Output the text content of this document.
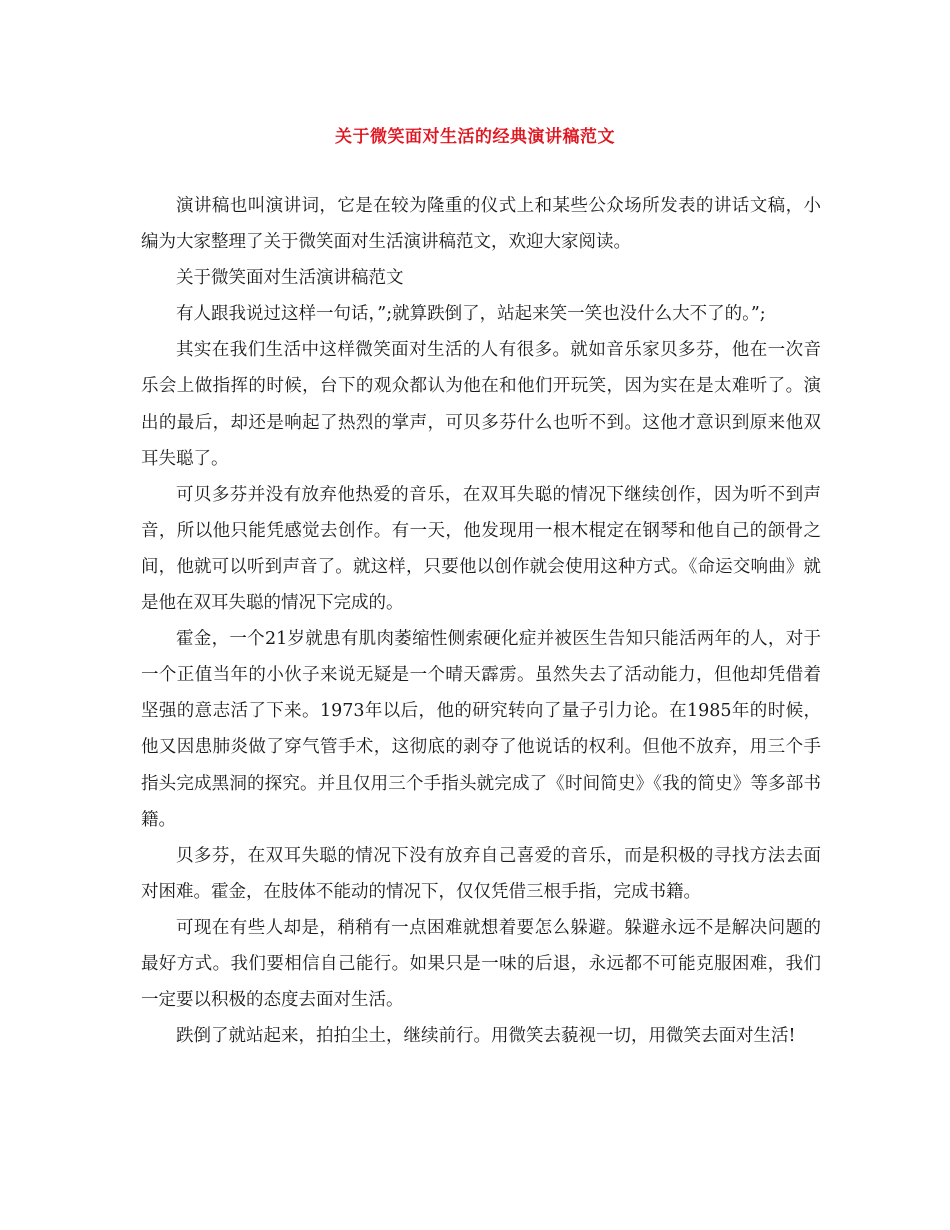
关于微笑面对生活的经典演讲稿范文

演讲稿也叫演讲词，它是在较为隆重的仪式上和某些公众场所发表的讲话文稿，小编为大家整理了关于微笑面对生活演讲稿范文，欢迎大家阅读。

关于微笑面对生活演讲稿范文

有人跟我说过这样一句话，”;就算跌倒了，站起来笑一笑也没什么大不了的。”;

其实在我们生活中这样微笑面对生活的人有很多。就如音乐家贝多芬，他在一次音乐会上做指挥的时候，台下的观众都认为他在和他们开玩笑，因为实在是太难听了。演出的最后，却还是响起了热烈的掌声，可贝多芬什么也听不到。这他才意识到原来他双耳失聪了。

可贝多芬并没有放弃他热爱的音乐，在双耳失聪的情况下继续创作，因为听不到声音，所以他只能凭感觉去创作。有一天，他发现用一根木棍定在钢琴和他自己的颌骨之间，他就可以听到声音了。就这样，只要他以创作就会使用这种方式。《命运交响曲》就是他在双耳失聪的情况下完成的。

霍金，一个21岁就患有肌肉萎缩性侧索硬化症并被医生告知只能活两年的人，对于一个正值当年的小伙子来说无疑是一个晴天霹雳。虽然失去了活动能力，但他却凭借着坚强的意志活了下来。1973年以后，他的研究转向了量子引力论。在1985年的时候，他又因患肺炎做了穿气管手术，这彻底的剥夺了他说话的权利。但他不放弃，用三个手指头完成黑洞的探究。并且仅用三个手指头就完成了《时间简史》《我的简史》等多部书籍。

贝多芬，在双耳失聪的情况下没有放弃自己喜爱的音乐，而是积极的寻找方法去面对困难。霍金，在肢体不能动的情况下，仅仅凭借三根手指，完成书籍。

可现在有些人却是，稍稍有一点困难就想着要怎么躲避。躲避永远不是解决问题的最好方式。我们要相信自己能行。如果只是一味的后退，永远都不可能克服困难，我们一定要以积极的态度去面对生活。

跌倒了就站起来，拍拍尘土，继续前行。用微笑去藐视一切，用微笑去面对生活!
